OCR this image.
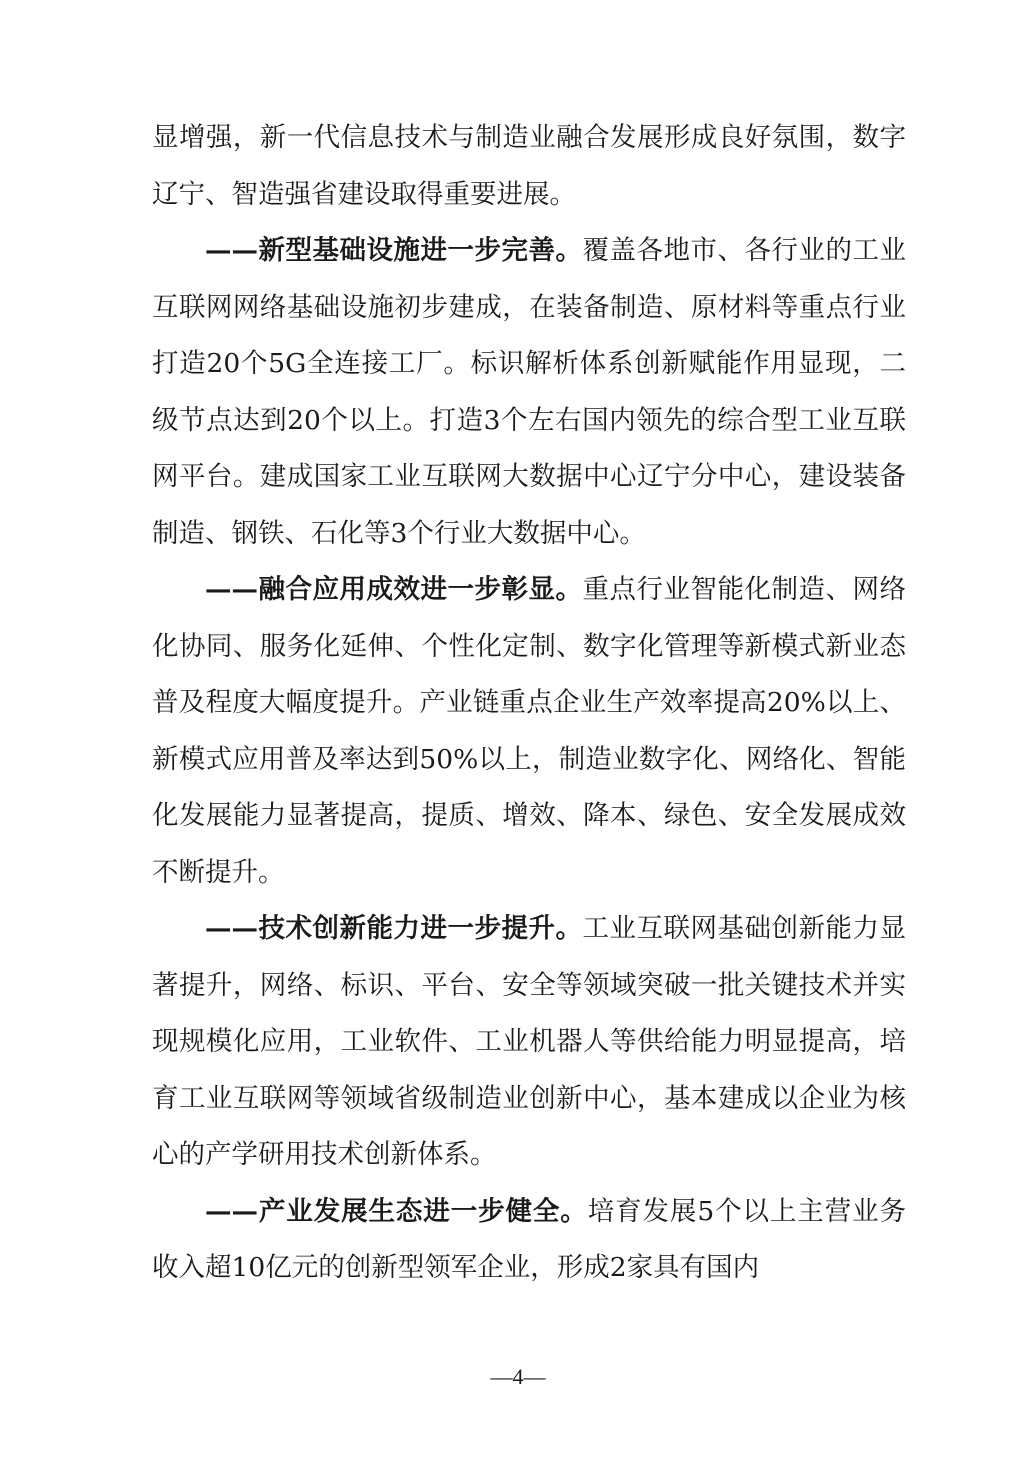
显增强，新一代信息技术与制造业融合发展形成良好氛围，数字辽宁、智造强省建设取得重要进展。

——新型基础设施进一步完善。覆盖各地市、各行业的工业互联网网络基础设施初步建成，在装备制造、原材料等重点行业打造20个5G全连接工厂。标识解析体系创新赋能作用显现，二级节点达到20个以上。打造3个左右国内领先的综合型工业互联网平台。建成国家工业互联网大数据中心辽宁分中心，建设装备制造、钢铁、石化等3个行业大数据中心。

——融合应用成效进一步彰显。重点行业智能化制造、网络化协同、服务化延伸、个性化定制、数字化管理等新模式新业态普及程度大幅度提升。产业链重点企业生产效率提高20%以上、新模式应用普及率达到50%以上，制造业数字化、网络化、智能化发展能力显著提高，提质、增效、降本、绿色、安全发展成效不断提升。

——技术创新能力进一步提升。工业互联网基础创新能力显著提升，网络、标识、平台、安全等领域突破一批关键技术并实现规模化应用，工业软件、工业机器人等供给能力明显提高，培育工业互联网等领域省级制造业创新中心，基本建成以企业为核心的产学研用技术创新体系。

——产业发展生态进一步健全。培育发展5个以上主营业务收入超10亿元的创新型领军企业，形成2家具有国内

—4—
